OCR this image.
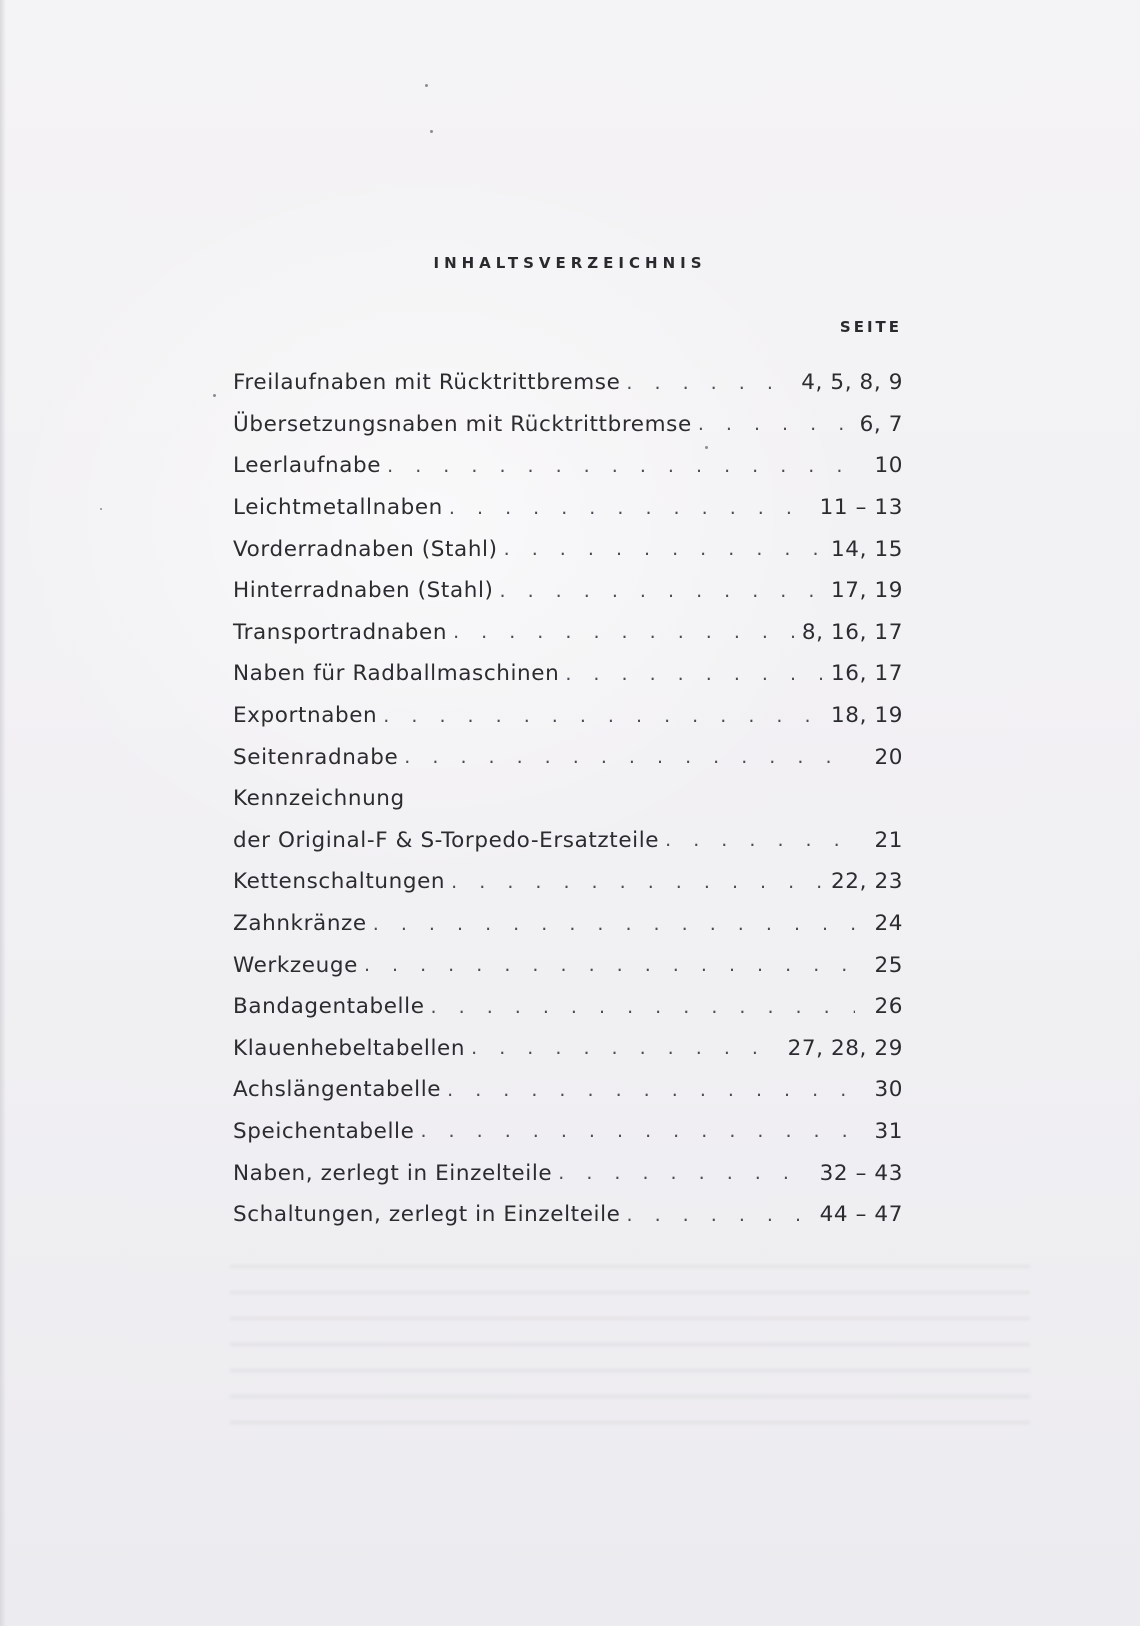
INHALTSVERZEICHNIS
SEITE
Freilaufnaben mit Rücktrittbremse . . .	4, 5, 8, 9
Übersetzungsnaben mit Rücktrittbremse . . .	6, 7
Leerlaufnabe . . .	10
Leichtmetallnaben . . .	11 – 13
Vorderradnaben (Stahl) . . .	14, 15
Hinterradnaben (Stahl) . . .	17, 19
Transportradnaben . . .	8, 16, 17
Naben für Radballmaschinen . . .	16, 17
Exportnaben . . .	18, 19
Seitenradnabe . . .	20
Kennzeichnung
der Original-F & S-Torpedo-Ersatzteile . . .	21
Kettenschaltungen . . .	22, 23
Zahnkränze . . .	24
Werkzeuge . . .	25
Bandagentabelle . . .	26
Klauenhebeltabellen . . .	27, 28, 29
Achslängentabelle . . .	30
Speichentabelle . . .	31
Naben, zerlegt in Einzelteile . . .	32 – 43
Schaltungen, zerlegt in Einzelteile . . .	44 – 47
